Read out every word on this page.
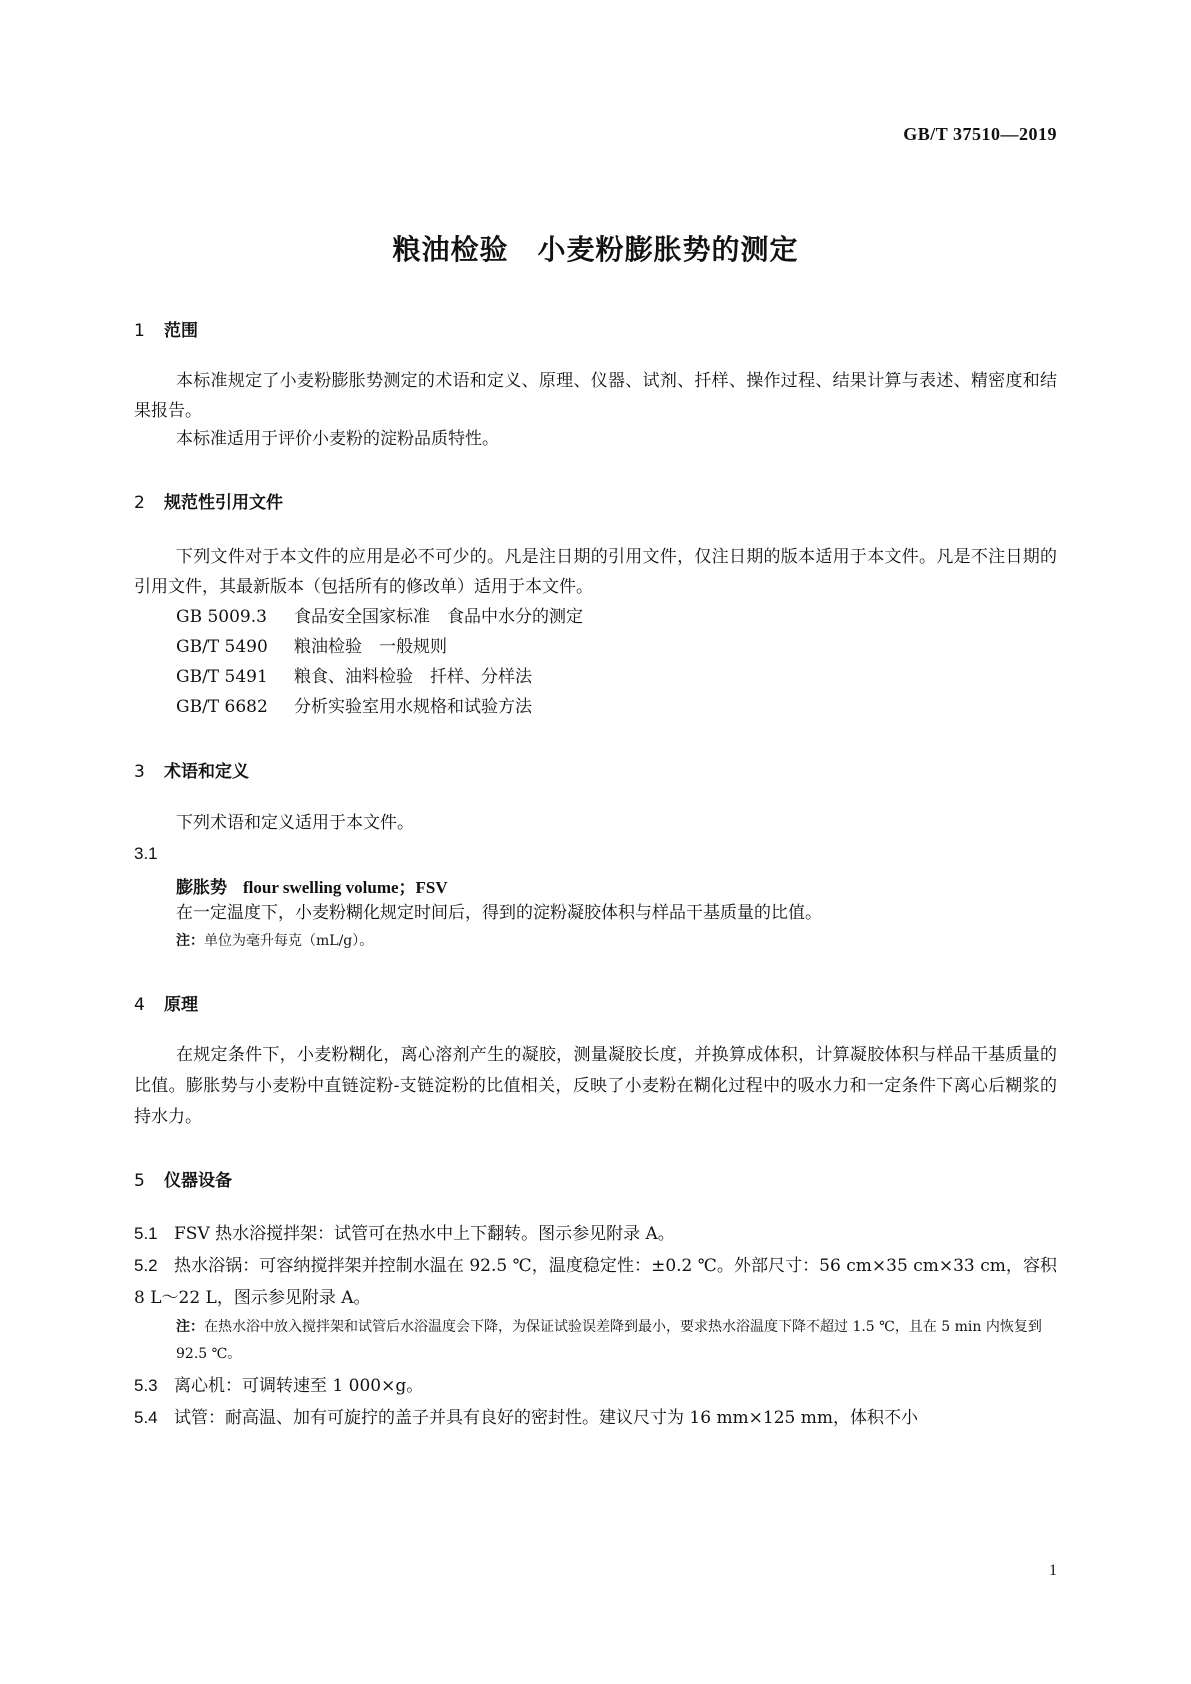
GB/T 37510—2019
粮油检验　小麦粉膨胀势的测定
1 范围
本标准规定了小麦粉膨胀势测定的术语和定义、原理、仪器、试剂、扦样、操作过程、结果计算与表述、精密度和结果报告。
本标准适用于评价小麦粉的淀粉品质特性。
2 规范性引用文件
下列文件对于本文件的应用是必不可少的。凡是注日期的引用文件，仅注日期的版本适用于本文件。凡是不注日期的引用文件，其最新版本（包括所有的修改单）适用于本文件。
GB 5009.3 食品安全国家标准　食品中水分的测定
GB/T 5490 粮油检验　一般规则
GB/T 5491 粮食、油料检验　扦样、分样法
GB/T 6682 分析实验室用水规格和试验方法
3 术语和定义
下列术语和定义适用于本文件。
3.1
膨胀势 flour swelling volume；FSV
在一定温度下，小麦粉糊化规定时间后，得到的淀粉凝胶体积与样品干基质量的比值。
注：单位为毫升每克（mL/g）。
4 原理
在规定条件下，小麦粉糊化，离心溶剂产生的凝胶，测量凝胶长度，并换算成体积，计算凝胶体积与样品干基质量的比值。膨胀势与小麦粉中直链淀粉-支链淀粉的比值相关，反映了小麦粉在糊化过程中的吸水力和一定条件下离心后糊浆的持水力。
5 仪器设备
5.1 FSV 热水浴搅拌架：试管可在热水中上下翻转。图示参见附录 A。
5.2 热水浴锅：可容纳搅拌架并控制水温在 92.5 ℃，温度稳定性：±0.2 ℃。外部尺寸：56 cm×35 cm×33 cm，容积 8 L～22 L，图示参见附录 A。
注：在热水浴中放入搅拌架和试管后水浴温度会下降，为保证试验误差降到最小，要求热水浴温度下降不超过 1.5 ℃，且在 5 min 内恢复到 92.5 ℃。
5.3 离心机：可调转速至 1 000×g。
5.4 试管：耐高温、加有可旋拧的盖子并具有良好的密封性。建议尺寸为 16 mm×125 mm，体积不小
1
